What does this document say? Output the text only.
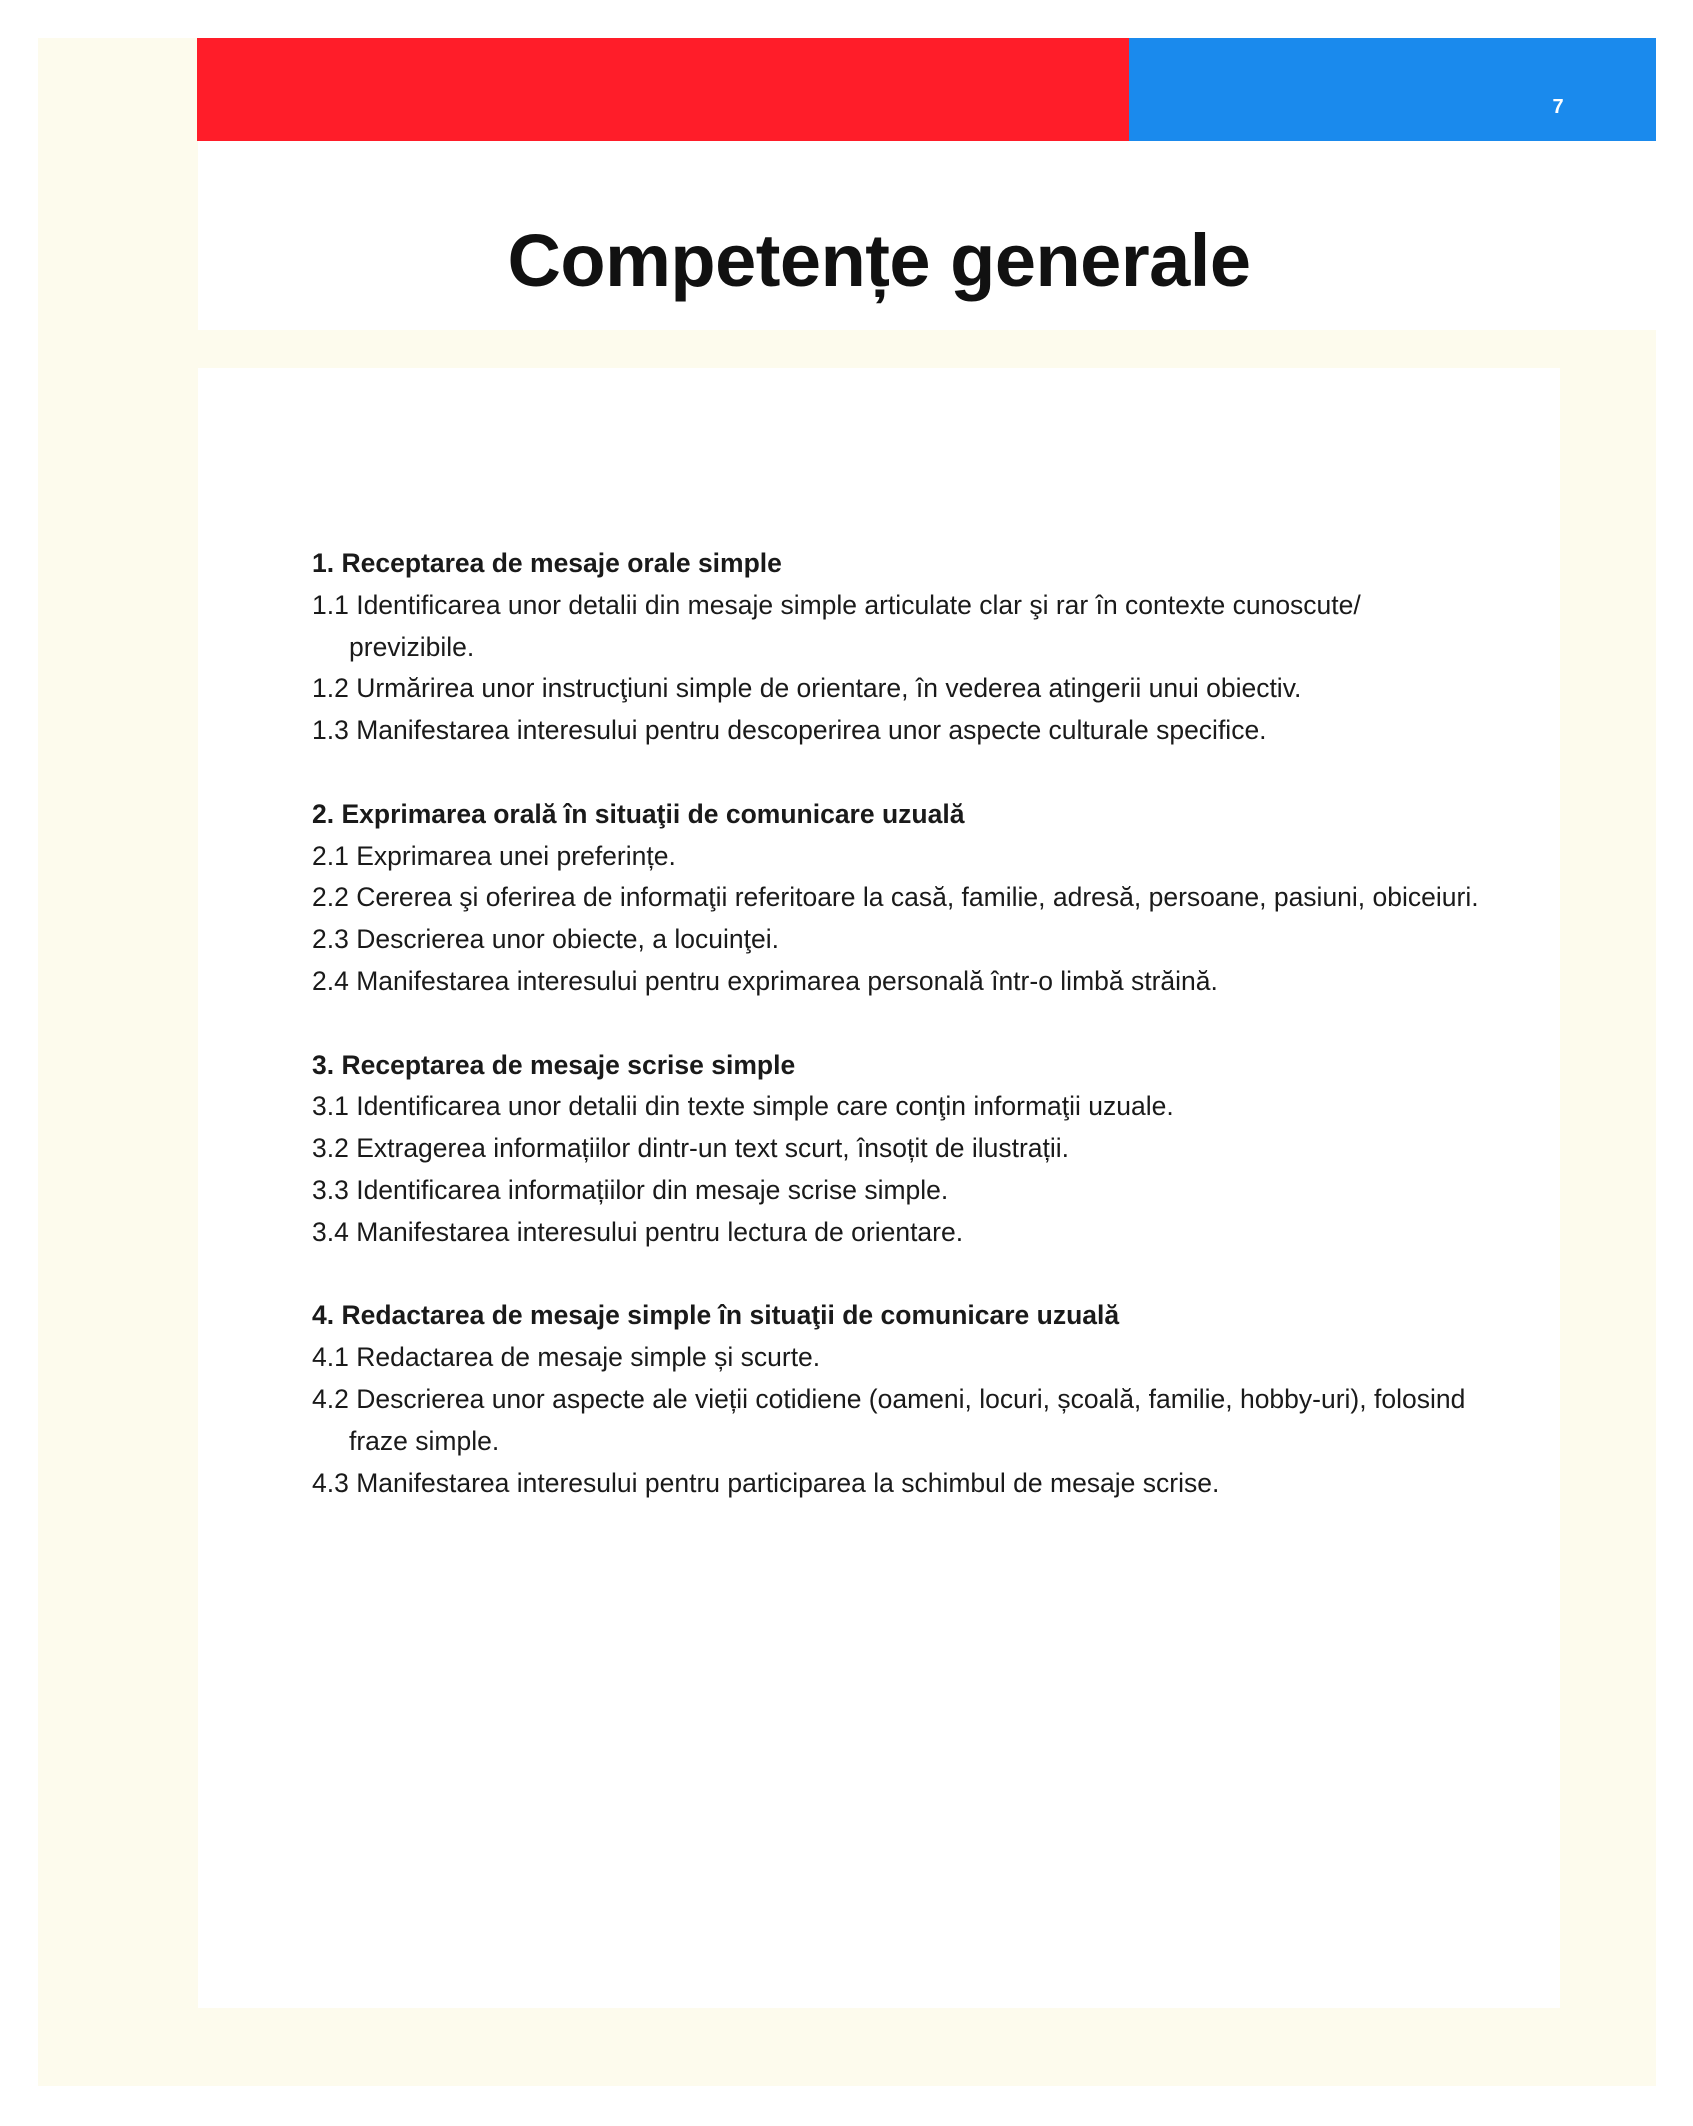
7
Competențe generale
1. Receptarea de mesaje orale simple
1.1 Identificarea unor detalii din mesaje simple articulate clar şi rar în contexte cunoscute/ previzibile.
1.2 Urmărirea unor instrucţiuni simple de orientare, în vederea atingerii unui obiectiv.
1.3 Manifestarea interesului pentru descoperirea unor aspecte culturale specifice.
2. Exprimarea orală în situaţii de comunicare uzuală
2.1 Exprimarea unei preferințe.
2.2 Cererea şi oferirea de informaţii referitoare la casă, familie, adresă, persoane, pasiuni, obiceiuri.
2.3 Descrierea unor obiecte, a locuinţei.
2.4 Manifestarea interesului pentru exprimarea personală într-o limbă străină.
3. Receptarea de mesaje scrise simple
3.1 Identificarea unor detalii din texte simple care conţin informaţii uzuale.
3.2 Extragerea informațiilor dintr-un text scurt, însoțit de ilustrații.
3.3 Identificarea informațiilor din mesaje scrise simple.
3.4 Manifestarea interesului pentru lectura de orientare.
4. Redactarea de mesaje simple în situaţii de comunicare uzuală
4.1 Redactarea de mesaje simple și scurte.
4.2 Descrierea unor aspecte ale vieții cotidiene (oameni, locuri, școală, familie, hobby-uri), folosind fraze simple.
4.3 Manifestarea interesului pentru participarea la schimbul de mesaje scrise.
